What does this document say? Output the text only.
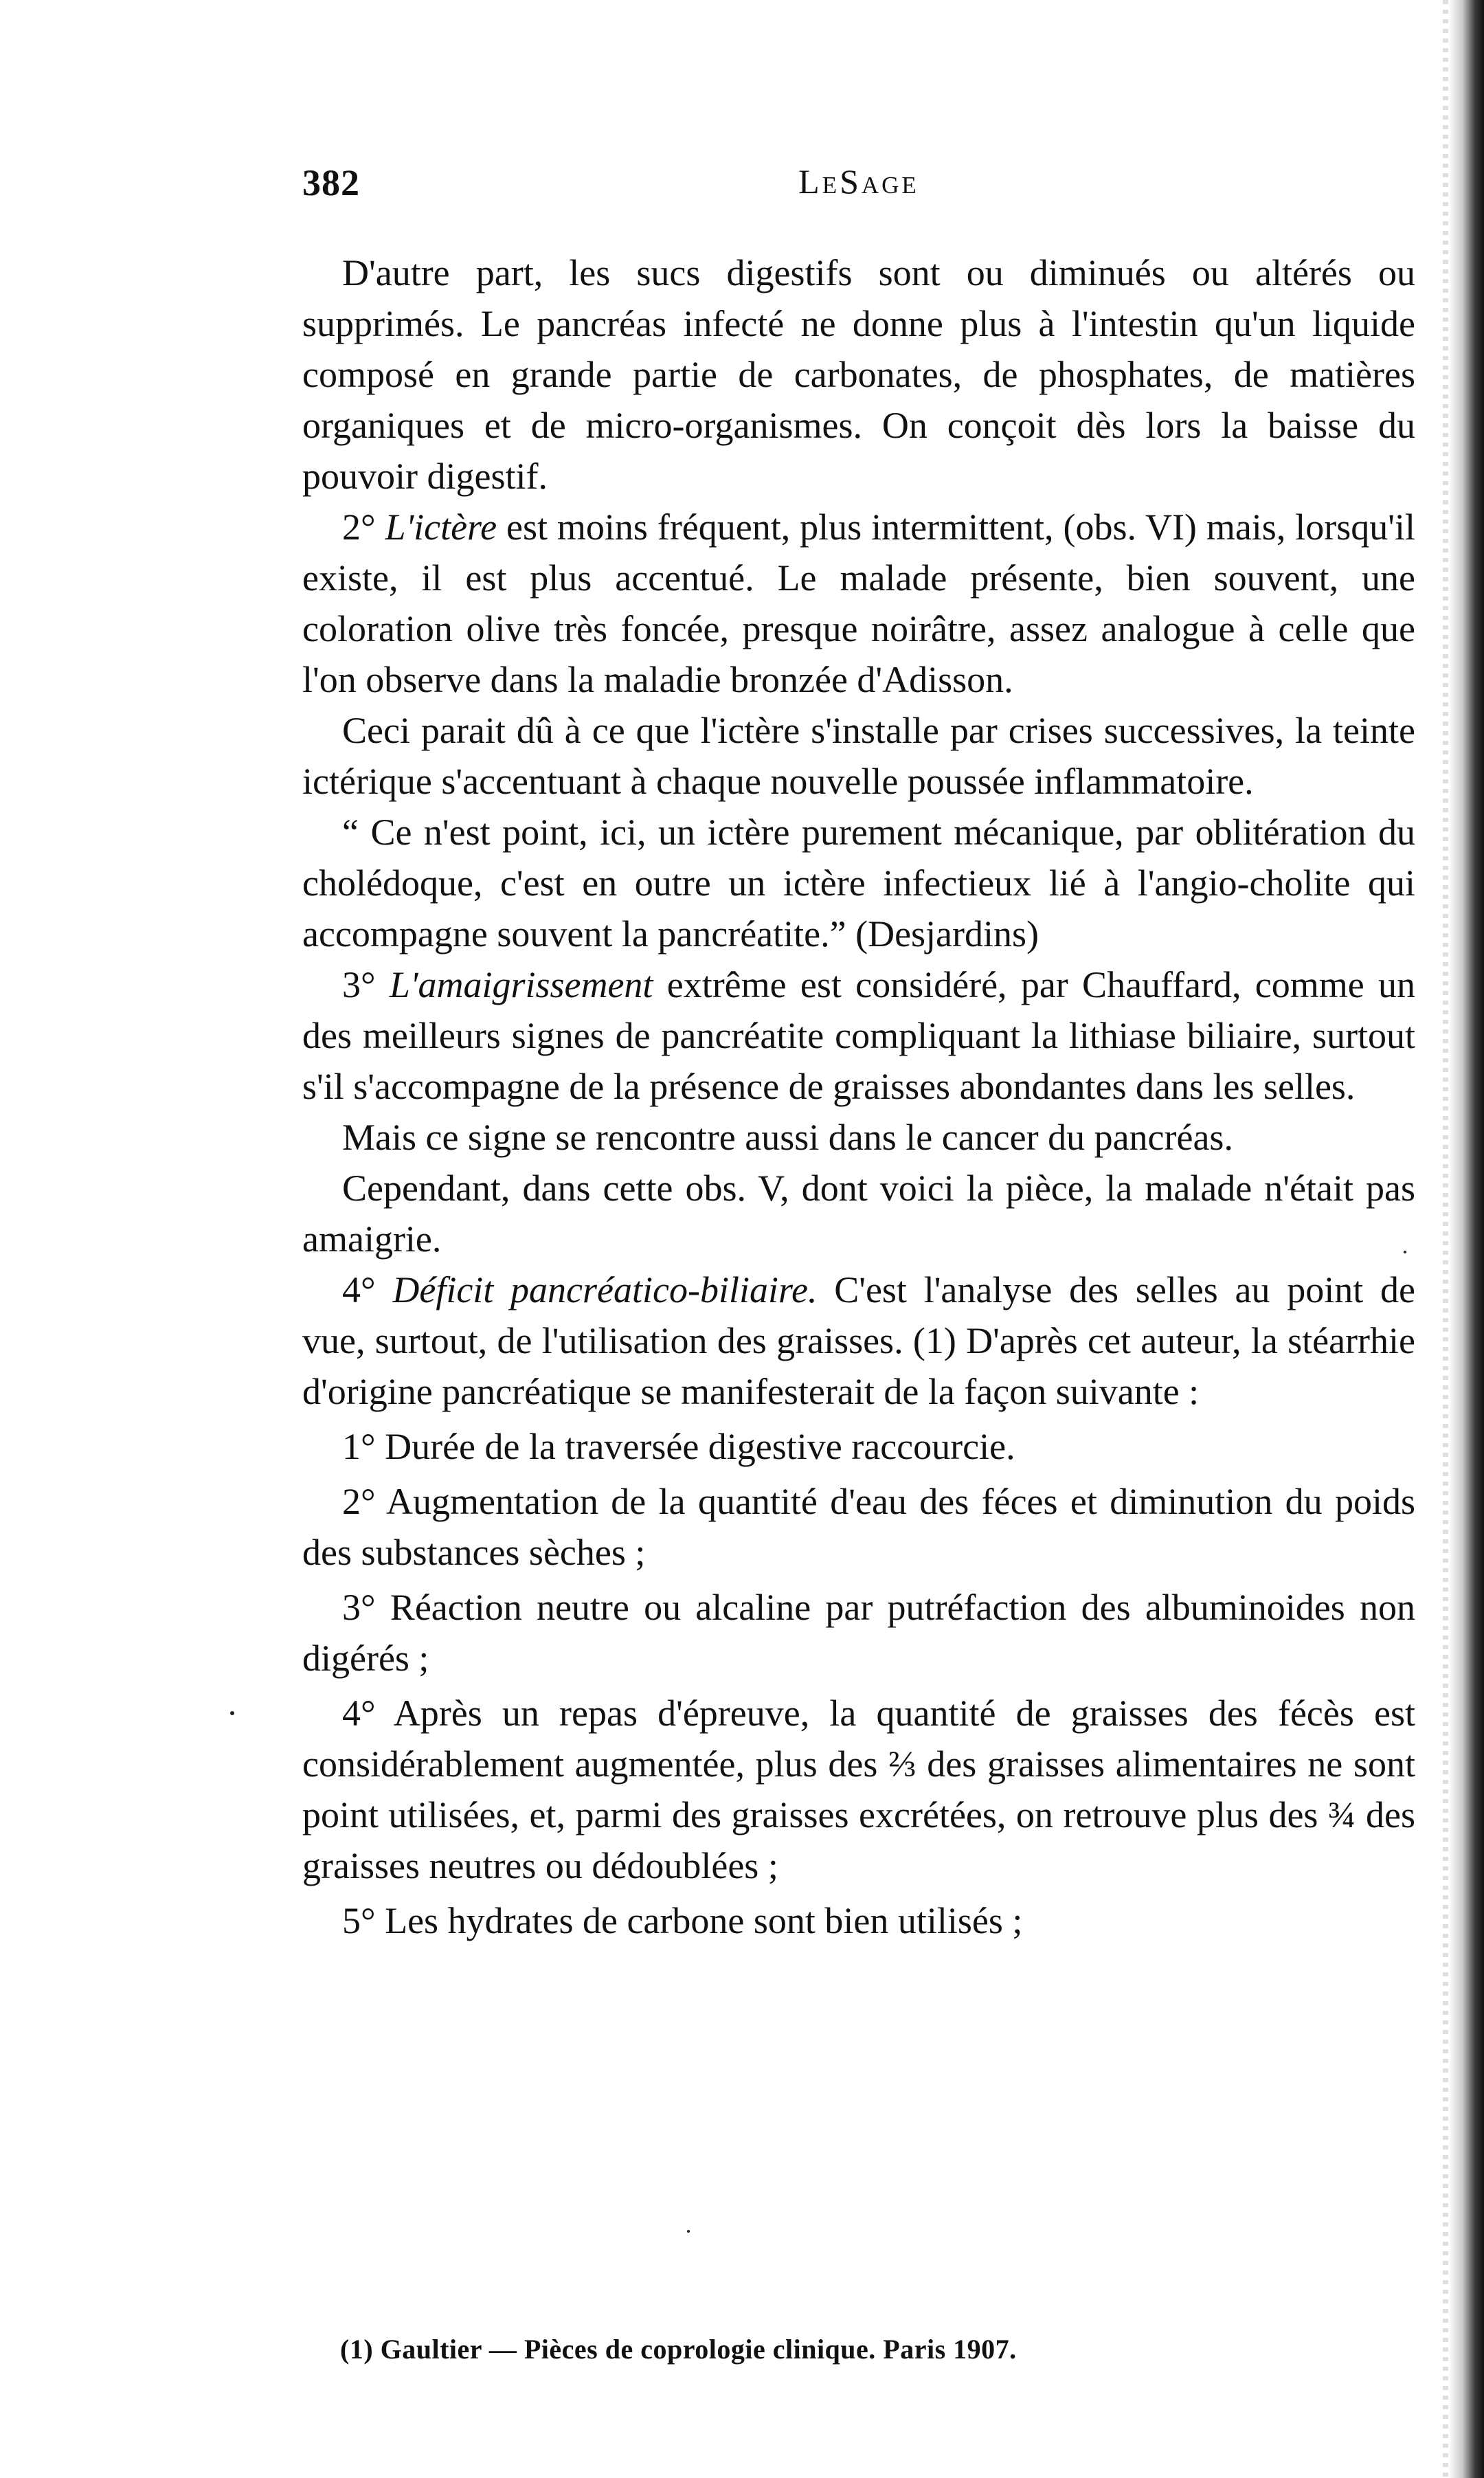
382	LeSage

D'autre part, les sucs digestifs sont ou diminués ou altérés ou supprimés. Le pancréas infecté ne donne plus à l'intestin qu'un liquide composé en grande partie de carbonates, de phosphates, de matières organiques et de micro-organismes. On conçoit dès lors la baisse du pouvoir digestif.

2° L'ictère est moins fréquent, plus intermittent, (obs. VI) mais, lorsqu'il existe, il est plus accentué. Le malade présente, bien souvent, une coloration olive très foncée, presque noirâtre, assez analogue à celle que l'on observe dans la maladie bronzée d'Adisson.

Ceci parait dû à ce que l'ictère s'installe par crises successives, la teinte ictérique s'accentuant à chaque nouvelle poussée inflammatoire.

“ Ce n'est point, ici, un ictère purement mécanique, par oblitération du cholédoque, c'est en outre un ictère infectieux lié à l'angio-cholite qui accompagne souvent la pancréatite.” (Desjardins)

3° L'amaigrissement extrême est considéré, par Chauffard, comme un des meilleurs signes de pancréatite compliquant la lithiase biliaire, surtout s'il s'accompagne de la présence de graisses abondantes dans les selles.

Mais ce signe se rencontre aussi dans le cancer du pancréas.

Cependant, dans cette obs. V, dont voici la pièce, la malade n'était pas amaigrie.

4° Déficit pancréatico-biliaire. C'est l'analyse des selles au point de vue, surtout, de l'utilisation des graisses. (1) D'après cet auteur, la stéarrhie d'origine pancréatique se manifesterait de la façon suivante :

1° Durée de la traversée digestive raccourcie.

2° Augmentation de la quantité d'eau des féces et diminution du poids des substances sèches ;

3° Réaction neutre ou alcaline par putréfaction des albuminoides non digérés ;

4° Après un repas d'épreuve, la quantité de graisses des fécès est considérablement augmentée, plus des ⅔ des graisses alimentaires ne sont point utilisées, et, parmi des graisses excrétées, on retrouve plus des ¾ des graisses neutres ou dédoublées ;

5° Les hydrates de carbone sont bien utilisés ;

(1) Gaultier — Pièces de coprologie clinique. Paris 1907.
